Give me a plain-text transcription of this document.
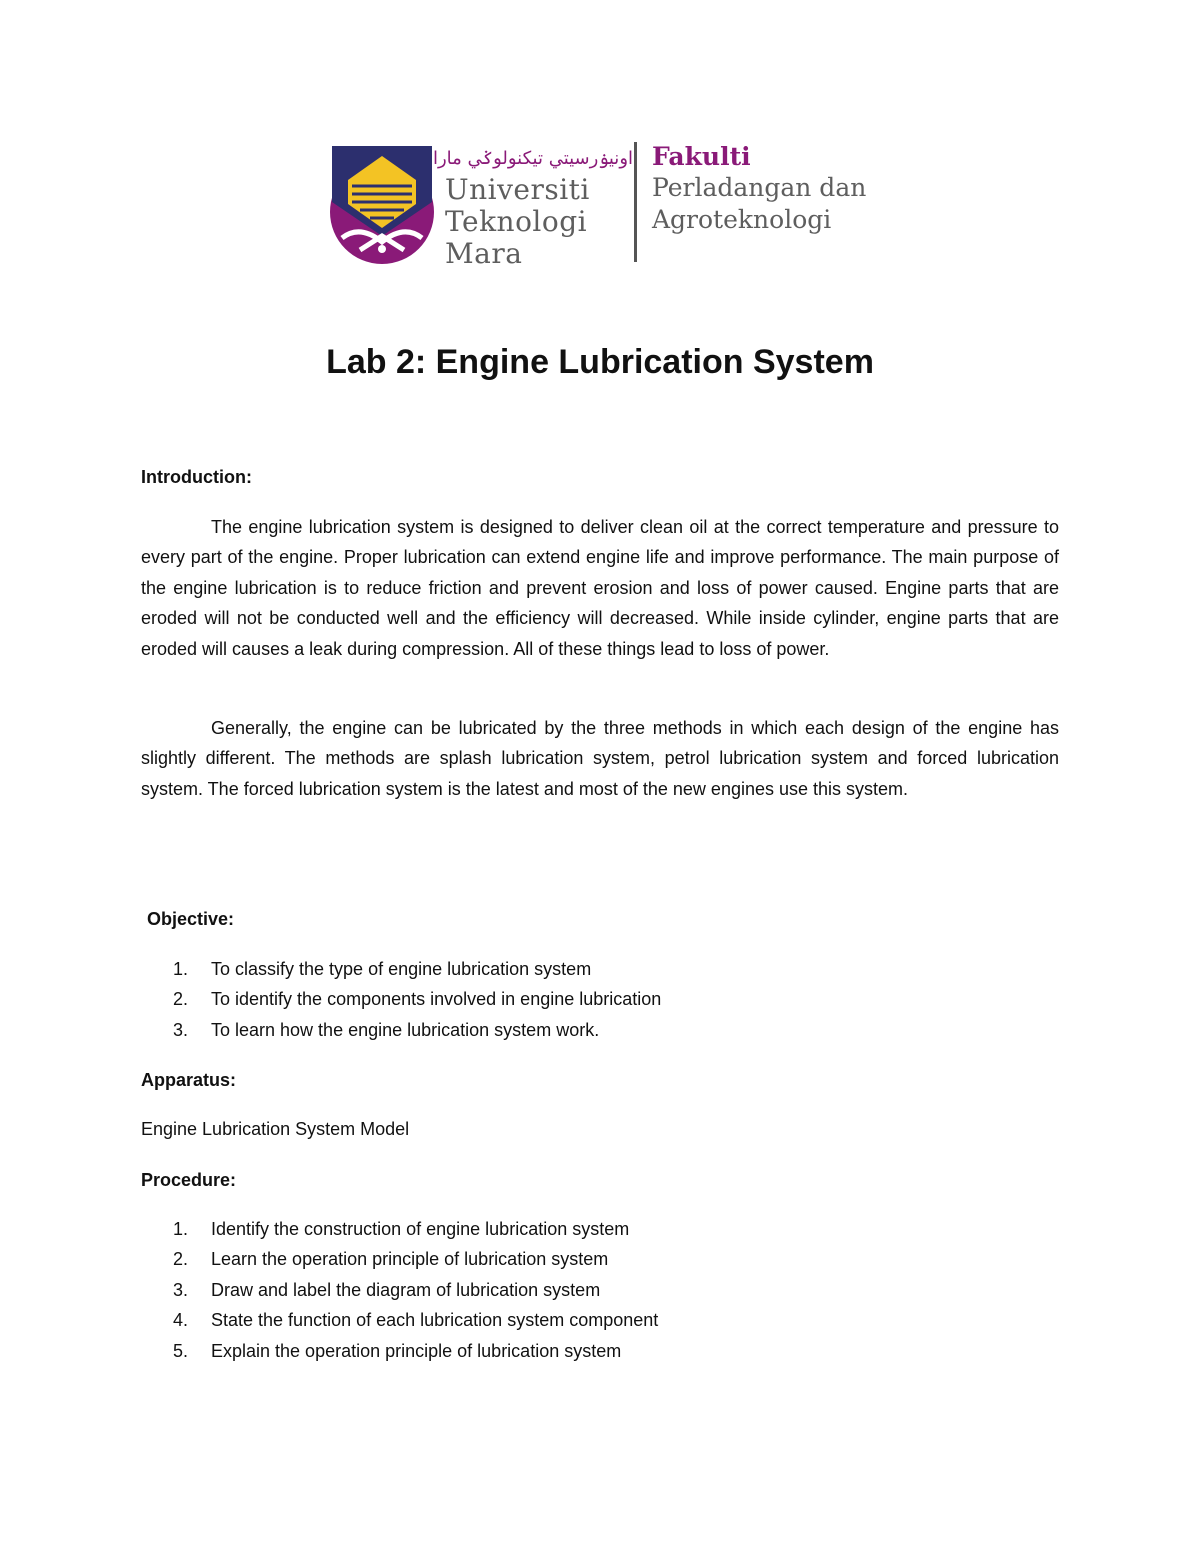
اونيۏرسيتي تيکنولوݢي مارا
Universiti
Teknologi
Mara
Fakulti
Perladangan dan
Agroteknologi
Lab 2: Engine Lubrication System
Introduction:

The engine lubrication system is designed to deliver clean oil at the correct temperature and pressure to every part of the engine. Proper lubrication can extend engine life and improve performance. The main purpose of the engine lubrication is to reduce friction and prevent erosion and loss of power caused. Engine parts that are eroded will not be conducted well and the efficiency will decreased. While inside cylinder, engine parts that are eroded will causes a leak during compression. All of these things lead to loss of power.

Generally, the engine can be lubricated by the three methods in which each design of the engine has slightly different. The methods are splash lubrication system, petrol lubrication system and forced lubrication system. The forced lubrication system is the latest and most of the new engines use this system.

Objective:
1. To classify the type of engine lubrication system
2. To identify the components involved in engine lubrication
3. To learn how the engine lubrication system work.
Apparatus:
Engine Lubrication System Model
Procedure:
1. Identify the construction of engine lubrication system
2. Learn the operation principle of lubrication system
3. Draw and label the diagram of lubrication system
4. State the function of each lubrication system component
5. Explain the operation principle of lubrication system
